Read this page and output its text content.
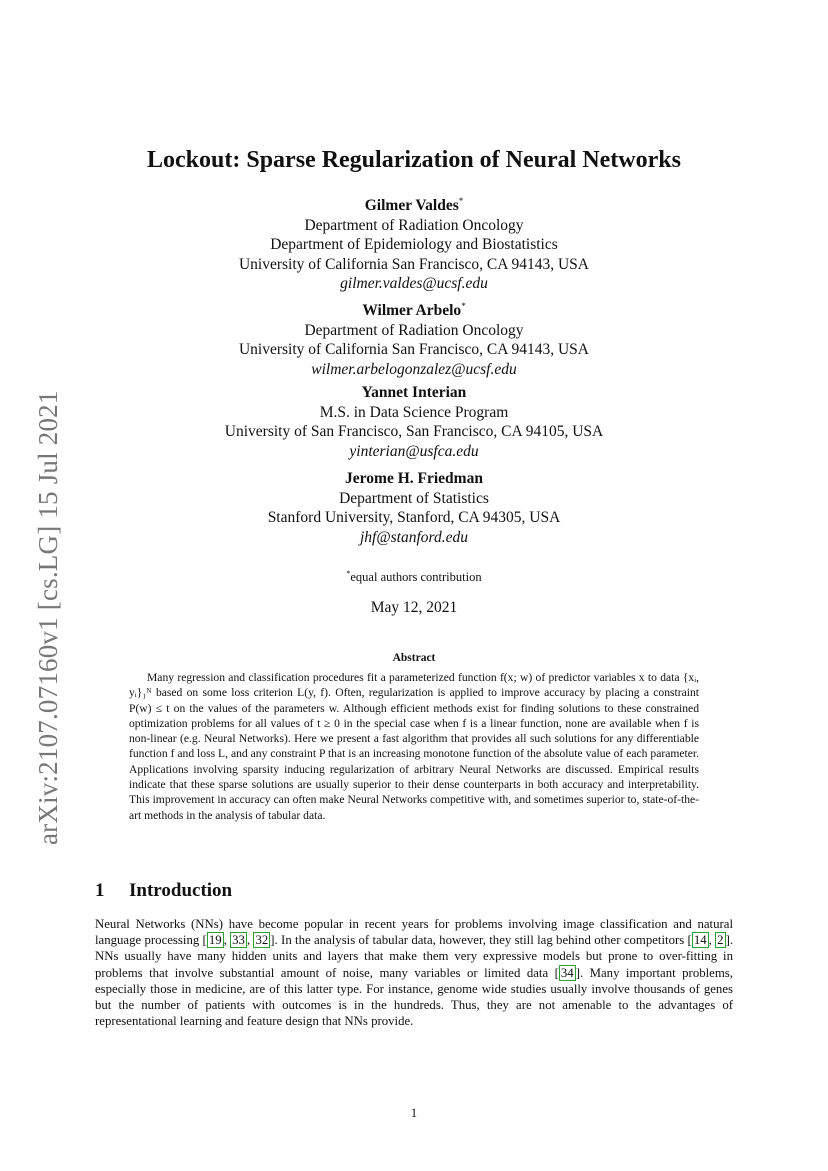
arXiv:2107.07160v1 [cs.LG] 15 Jul 2021
Lockout: Sparse Regularization of Neural Networks
Gilmer Valdes*
Department of Radiation Oncology
Department of Epidemiology and Biostatistics
University of California San Francisco, CA 94143, USA
gilmer.valdes@ucsf.edu
Wilmer Arbelo*
Department of Radiation Oncology
University of California San Francisco, CA 94143, USA
wilmer.arbelogonzalez@ucsf.edu
Yannet Interian
M.S. in Data Science Program
University of San Francisco, San Francisco, CA 94105, USA
yinterian@usfca.edu
Jerome H. Friedman
Department of Statistics
Stanford University, Stanford, CA 94305, USA
jhf@stanford.edu
*equal authors contribution
May 12, 2021
Abstract
Many regression and classification procedures fit a parameterized function f(x; w) of predictor variables x to data {xᵢ, yᵢ}₁ᴺ based on some loss criterion L(y, f). Often, regularization is applied to improve accuracy by placing a constraint P(w) ≤ t on the values of the parameters w. Although efficient methods exist for finding solutions to these constrained optimization problems for all values of t ≥ 0 in the special case when f is a linear function, none are available when f is non-linear (e.g. Neural Networks). Here we present a fast algorithm that provides all such solutions for any differentiable function f and loss L, and any constraint P that is an increasing monotone function of the absolute value of each parameter. Applications involving sparsity inducing regularization of arbitrary Neural Networks are discussed. Empirical results indicate that these sparse solutions are usually superior to their dense counterparts in both accuracy and interpretability. This improvement in accuracy can often make Neural Networks competitive with, and sometimes superior to, state-of-the-art methods in the analysis of tabular data.
1 Introduction
Neural Networks (NNs) have become popular in recent years for problems involving image classification and natural language processing [ 19 , 33 , 32 ]. In the analysis of tabular data, however, they still lag behind other competitors [ 14 , 2 ]. NNs usually have many hidden units and layers that make them very expressive models but prone to over-fitting in problems that involve substantial amount of noise, many variables or limited data [ 34 ]. Many important problems, especially those in medicine, are of this latter type. For instance, genome wide studies usually involve thousands of genes but the number of patients with outcomes is in the hundreds. Thus, they are not amenable to the advantages of representational learning and feature design that NNs provide.
1
